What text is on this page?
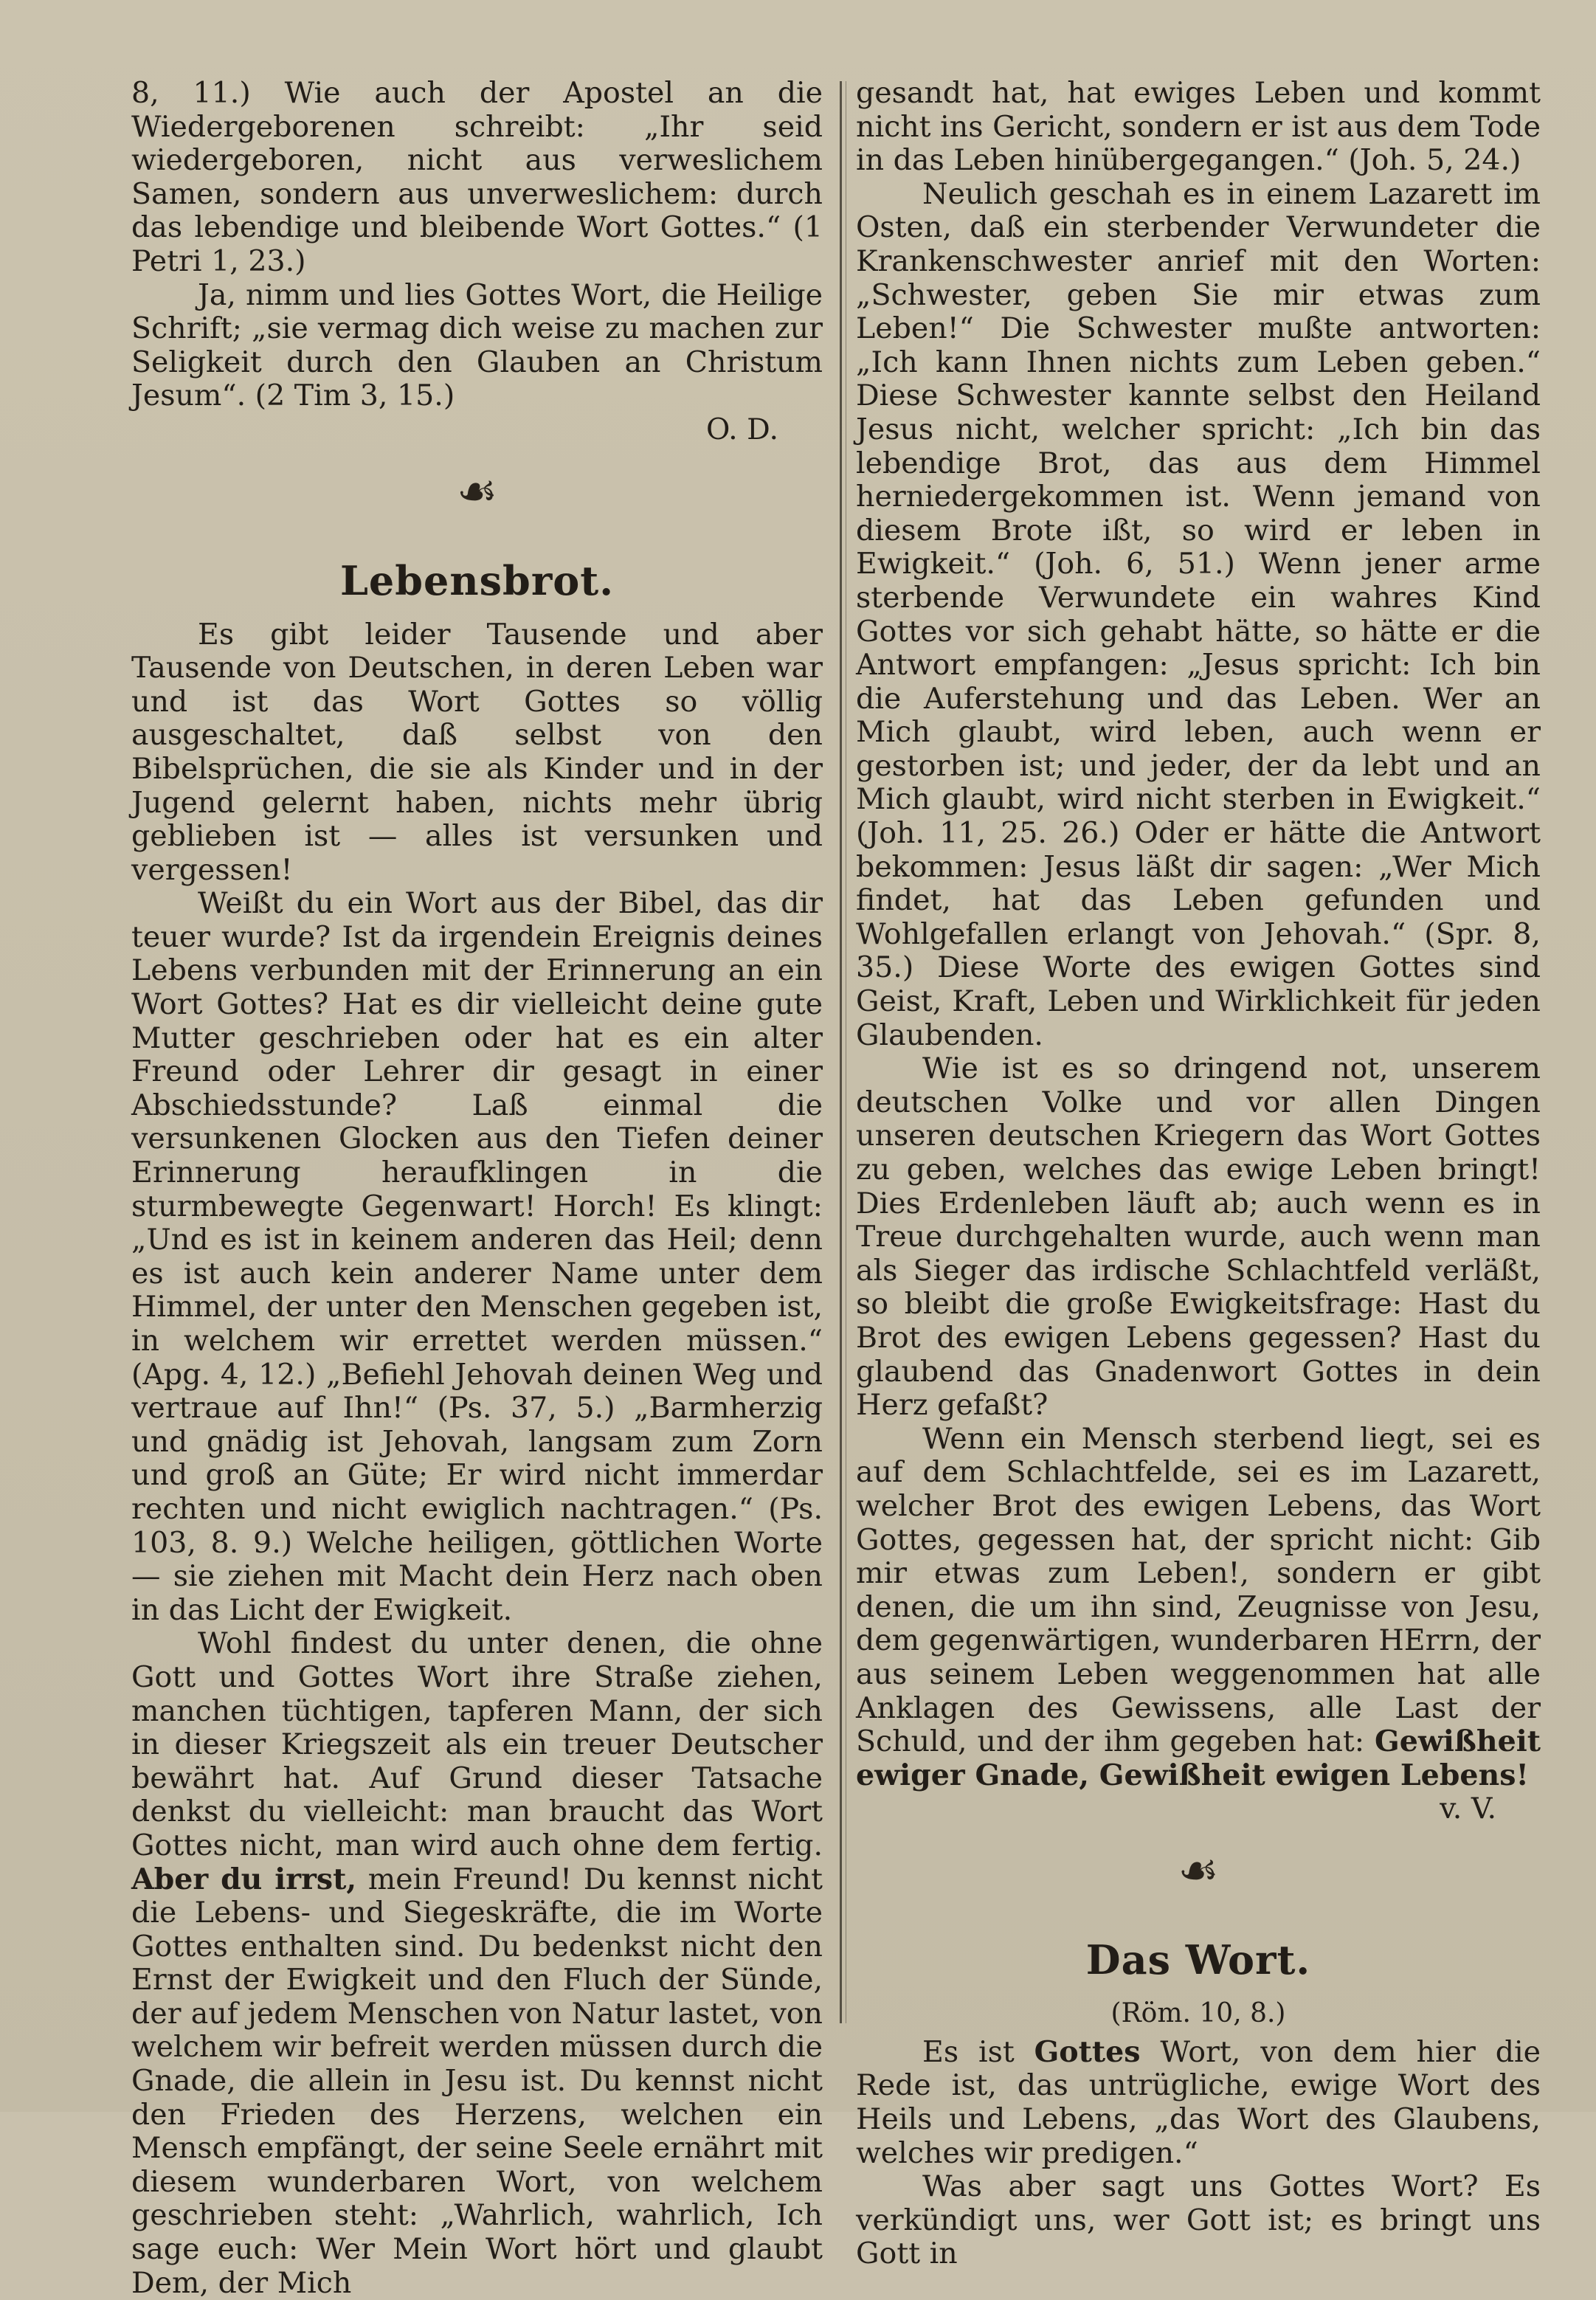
8, 11.) Wie auch der Apostel an die Wiedergeborenen schreibt: „Ihr seid wiedergeboren, nicht aus verweslichem Samen, sondern aus unverweslichem: durch das lebendige und bleibende Wort Gottes.“ (1 Petri 1, 23.)

Ja, nimm und lies Gottes Wort, die Heilige Schrift; „sie vermag dich weise zu machen zur Seligkeit durch den Glauben an Christum Jesum“. (2 Tim 3, 15.)

O. D.

☙
Lebensbrot.

Es gibt leider Tausende und aber Tausende von Deutschen, in deren Leben war und ist das Wort Gottes so völlig ausgeschaltet, daß selbst von den Bibelsprüchen, die sie als Kinder und in der Jugend gelernt haben, nichts mehr übrig geblieben ist — alles ist versunken und vergessen!

Weißt du ein Wort aus der Bibel, das dir teuer wurde? Ist da irgendein Ereignis deines Lebens verbunden mit der Erinnerung an ein Wort Gottes? Hat es dir vielleicht deine gute Mutter geschrieben oder hat es ein alter Freund oder Lehrer dir gesagt in einer Abschiedsstunde? Laß einmal die versunkenen Glocken aus den Tiefen deiner Erinnerung heraufklingen in die sturmbewegte Gegenwart! Horch! Es klingt: „Und es ist in keinem anderen das Heil; denn es ist auch kein anderer Name unter dem Himmel, der unter den Menschen gegeben ist, in welchem wir errettet werden müssen.“ (Apg. 4, 12.) „Befiehl Jehovah deinen Weg und vertraue auf Ihn!“ (Ps. 37, 5.) „Barmherzig und gnädig ist Jehovah, langsam zum Zorn und groß an Güte; Er wird nicht immerdar rechten und nicht ewiglich nachtragen.“ (Ps. 103, 8. 9.) Welche heiligen, göttlichen Worte — sie ziehen mit Macht dein Herz nach oben in das Licht der Ewigkeit.

Wohl findest du unter denen, die ohne Gott und Gottes Wort ihre Straße ziehen, manchen tüchtigen, tapferen Mann, der sich in dieser Kriegszeit als ein treuer Deutscher bewährt hat. Auf Grund dieser Tatsache denkst du vielleicht: man braucht das Wort Gottes nicht, man wird auch ohne dem fertig. Aber du irrst, mein Freund! Du kennst nicht die Lebens- und Siegeskräfte, die im Worte Gottes enthalten sind. Du bedenkst nicht den Ernst der Ewigkeit und den Fluch der Sünde, der auf jedem Menschen von Natur lastet, von welchem wir befreit werden müssen durch die Gnade, die allein in Jesu ist. Du kennst nicht den Frieden des Herzens, welchen ein Mensch empfängt, der seine Seele ernährt mit diesem wunderbaren Wort, von welchem geschrieben steht: „Wahrlich, wahrlich, Ich sage euch: Wer Mein Wort hört und glaubt Dem, der Mich

gesandt hat, hat ewiges Leben und kommt nicht ins Gericht, sondern er ist aus dem Tode in das Leben hinübergegangen.“ (Joh. 5, 24.)

Neulich geschah es in einem Lazarett im Osten, daß ein sterbender Verwundeter die Krankenschwester anrief mit den Worten: „Schwester, geben Sie mir etwas zum Leben!“ Die Schwester mußte antworten: „Ich kann Ihnen nichts zum Leben geben.“ Diese Schwester kannte selbst den Heiland Jesus nicht, welcher spricht: „Ich bin das lebendige Brot, das aus dem Himmel herniedergekommen ist. Wenn jemand von diesem Brote ißt, so wird er leben in Ewigkeit.“ (Joh. 6, 51.) Wenn jener arme sterbende Verwundete ein wahres Kind Gottes vor sich gehabt hätte, so hätte er die Antwort empfangen: „Jesus spricht: Ich bin die Auferstehung und das Leben. Wer an Mich glaubt, wird leben, auch wenn er gestorben ist; und jeder, der da lebt und an Mich glaubt, wird nicht sterben in Ewigkeit.“ (Joh. 11, 25. 26.) Oder er hätte die Antwort bekommen: Jesus läßt dir sagen: „Wer Mich findet, hat das Leben gefunden und Wohlgefallen erlangt von Jehovah.“ (Spr. 8, 35.) Diese Worte des ewigen Gottes sind Geist, Kraft, Leben und Wirklichkeit für jeden Glaubenden.

Wie ist es so dringend not, unserem deutschen Volke und vor allen Dingen unseren deutschen Kriegern das Wort Gottes zu geben, welches das ewige Leben bringt! Dies Erdenleben läuft ab; auch wenn es in Treue durchgehalten wurde, auch wenn man als Sieger das irdische Schlachtfeld verläßt, so bleibt die große Ewigkeitsfrage: Hast du Brot des ewigen Lebens gegessen? Hast du glaubend das Gnadenwort Gottes in dein Herz gefaßt?

Wenn ein Mensch sterbend liegt, sei es auf dem Schlachtfelde, sei es im Lazarett, welcher Brot des ewigen Lebens, das Wort Gottes, gegessen hat, der spricht nicht: Gib mir etwas zum Leben!, sondern er gibt denen, die um ihn sind, Zeugnisse von Jesu, dem gegenwärtigen, wunderbaren HErrn, der aus seinem Leben weggenommen hat alle Anklagen des Gewissens, alle Last der Schuld, und der ihm gegeben hat: Gewißheit ewiger Gnade, Gewißheit ewigen Lebens!

v. V.

☙
Das Wort.
(Röm. 10, 8.)

Es ist Gottes Wort, von dem hier die Rede ist, das untrügliche, ewige Wort des Heils und Lebens, „das Wort des Glaubens, welches wir predigen.“

Was aber sagt uns Gottes Wort? Es verkündigt uns, wer Gott ist; es bringt uns Gott in
